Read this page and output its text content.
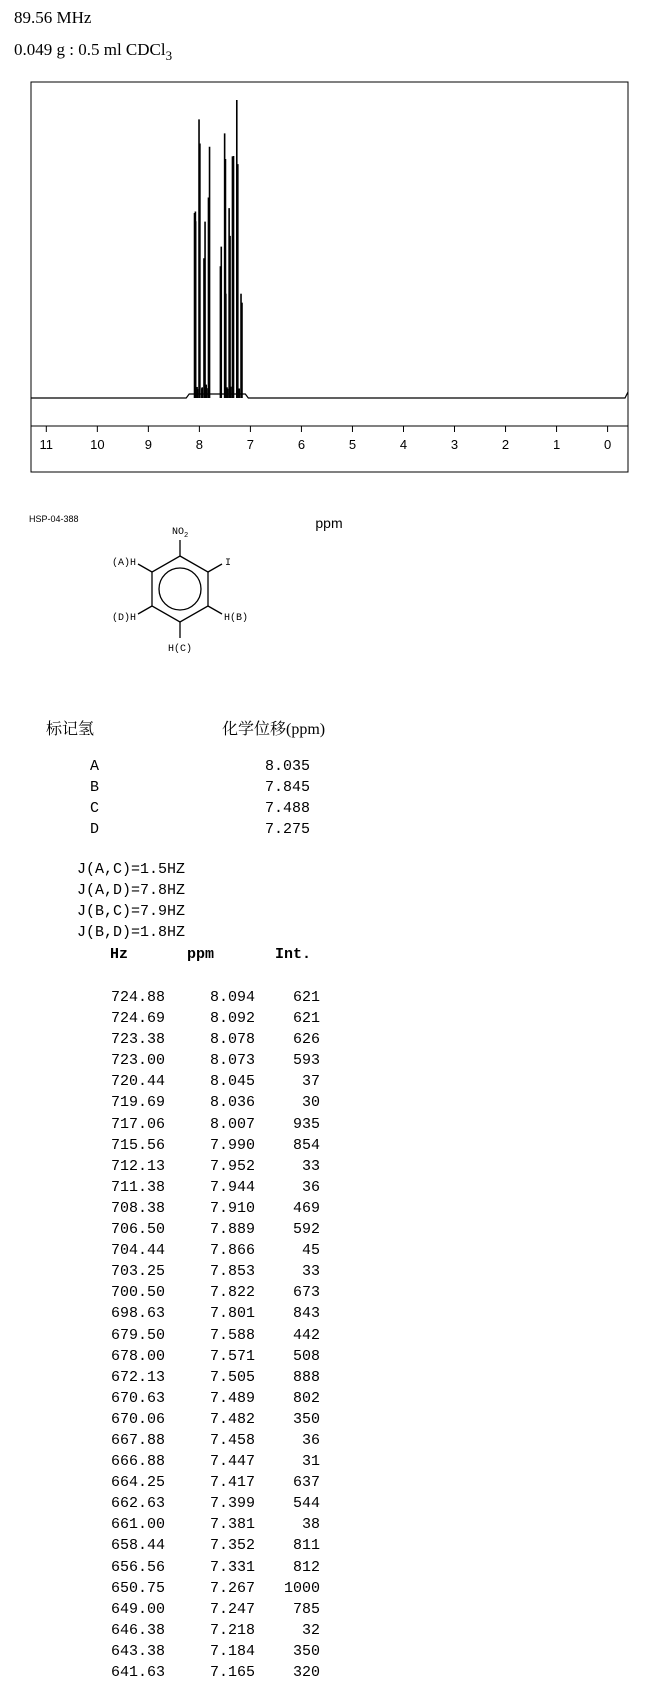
89.56 MHz
0.049 g : 0.5 ml CDCl$_3$
11	10	9	8	7	6	5	4	3	2	1	0
ppm
HSP-04-388
$NO_2$
(A)H	I
H(B)
(D)H
H(C)
标记氢	化学位移(ppm)
A	8.035
B	7.845
C	7.488
D	7.275
J(A,C)=1.5HZ
J(A,D)=7.8HZ
J(B,C)=7.9HZ
J(B,D)=1.8HZ
Hz	ppm	Int.
724.88	8.094	621
724.69	8.092	621
723.38	8.078	626
723.00	8.073	593
720.44	8.045	37
719.69	8.036	30
717.06	8.007	935
715.56	7.990	854
712.13	7.952	33
711.38	7.944	36
708.38	7.910	469
706.50	7.889	592
704.44	7.866	45
703.25	7.853	33
700.50	7.822	673
698.63	7.801	843
679.50	7.588	442
678.00	7.571	508
672.13	7.505	888
670.63	7.489	802
670.06	7.482	350
667.88	7.458	36
666.88	7.447	31
664.25	7.417	637
662.63	7.399	544
661.00	7.381	38
658.44	7.352	811
656.56	7.331	812
650.75	7.267	1000
649.00	7.247	785
646.38	7.218	32
643.38	7.184	350
641.63	7.165	320
